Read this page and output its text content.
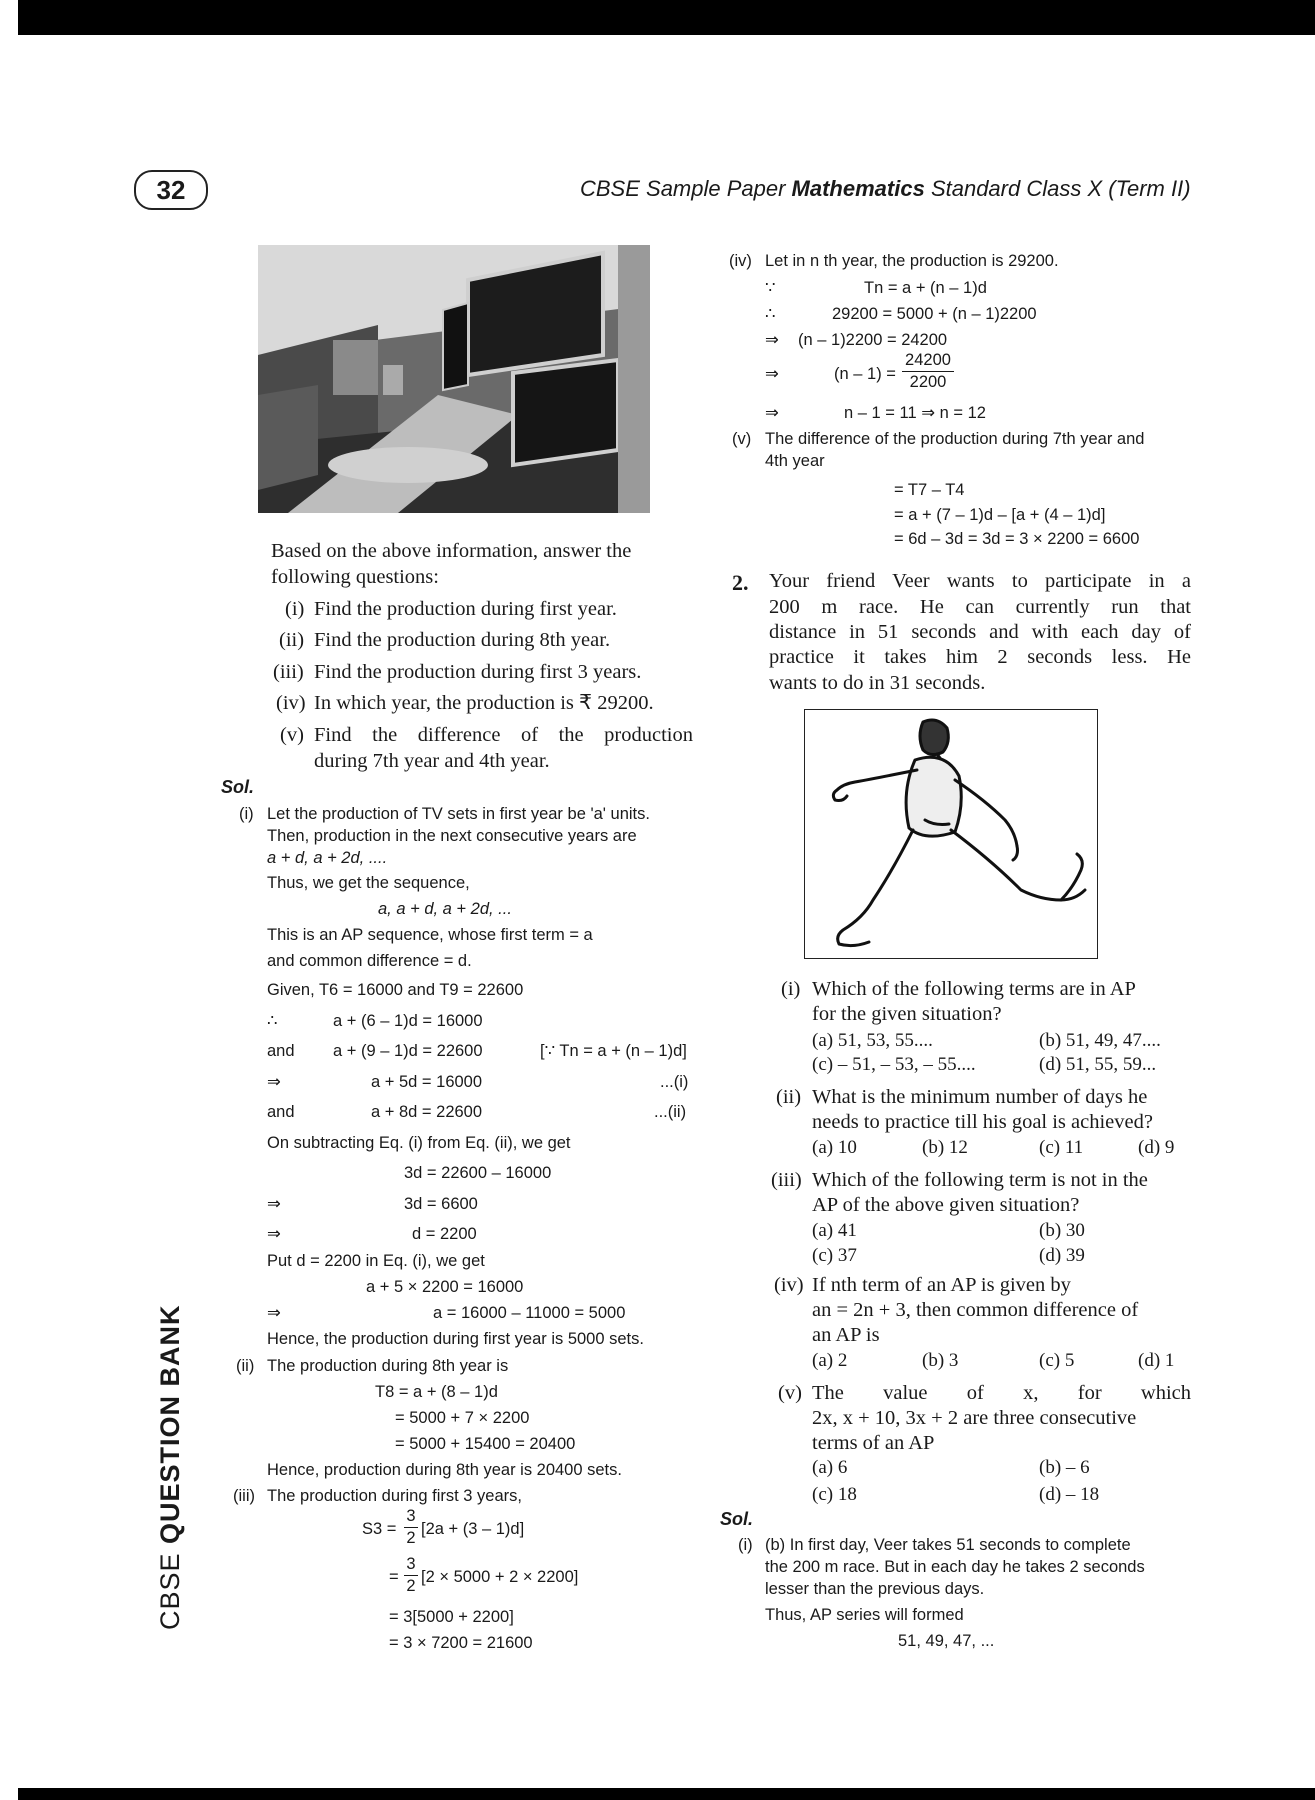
32	CBSE Sample Paper Mathematics Standard Class X (Term II)
CBSE QUESTION BANK
Based on the above information, answer the
following questions:
(i) Find the production during first year.
(ii) Find the production during 8th year.
(iii) Find the production during first 3 years.
(iv) In which year, the production is ₹ 29200.
(v) Find the difference of the production
during 7th year and 4th year.
Sol.
(i) Let the production of TV sets in first year be 'a' units.
Then, production in the next consecutive years are
a + d, a + 2d, ....
Thus, we get the sequence,
a, a + d, a + 2d, ...
This is an AP sequence, whose first term = a
and common difference = d.
Given, T6 = 16000 and T9 = 22600
∴	a + (6 – 1)d = 16000
and a + (9 – 1)d = 22600	[∵ Tn = a + (n – 1)d]
⇒	a + 5d = 16000	...(i)
and	a + 8d = 22600	...(ii)
On subtracting Eq. (i) from Eq. (ii), we get
3d = 22600 – 16000
⇒	3d = 6600
⇒	d = 2200
Put d = 2200 in Eq. (i), we get
a + 5 × 2200 = 16000
⇒	a = 16000 – 11000 = 5000
Hence, the production during first year is 5000 sets.
(ii) The production during 8th year is
T8 = a + (8 – 1)d
= 5000 + 7 × 2200
= 5000 + 15400 = 20400
Hence, production during 8th year is 20400 sets.
(iii) The production during first 3 years,
S3 =
3
2 [2a + (3 – 1)d]
=
3
2 [2 × 5000 + 2 × 2200]
= 3[5000 + 2200]
= 3 × 7200 = 21600
(iv) Let in n th year, the production is 29200.
∵	Tn = a + (n – 1)d
∴	29200 = 5000 + (n – 1)2200
⇒ (n – 1)2200 = 24200
⇒	(n – 1) =
24200
2200
⇒	n – 1 = 11 ⇒ n = 12
(v) The difference of the production during 7th year and
4th year
= T7 – T4
= a + (7 – 1)d – [a + (4 – 1)d]
= 6d – 3d = 3d = 3 × 2200 = 6600
2. Your friend Veer wants to participate in a
200 m race. He can currently run that
distance in 51 seconds and with each day of
practice it takes him 2 seconds less. He
wants to do in 31 seconds.
(i) Which of the following terms are in AP
for the given situation?
(a) 51, 53, 55....	(b) 51, 49, 47....
(c) – 51, – 53, – 55....	(d) 51, 55, 59...
(ii) What is the minimum number of days he
needs to practice till his goal is achieved?
(a) 10	(b) 12	(c) 11	(d) 9
(iii) Which of the following term is not in the
AP of the above given situation?
(a) 41	(b) 30
(c) 37	(d) 39
(iv) If nth term of an AP is given by
an = 2n + 3, then common difference of
an AP is
(a) 2	(b) 3	(c) 5	(d) 1
(v) The value of x, for which
2x, x + 10, 3x + 2 are three consecutive
terms of an AP
(a) 6	(b) – 6
(c) 18	(d) – 18
Sol.
(i) (b) In first day, Veer takes 51 seconds to complete
the 200 m race. But in each day he takes 2 seconds
lesser than the previous days.
Thus, AP series will formed
51, 49, 47, ...
